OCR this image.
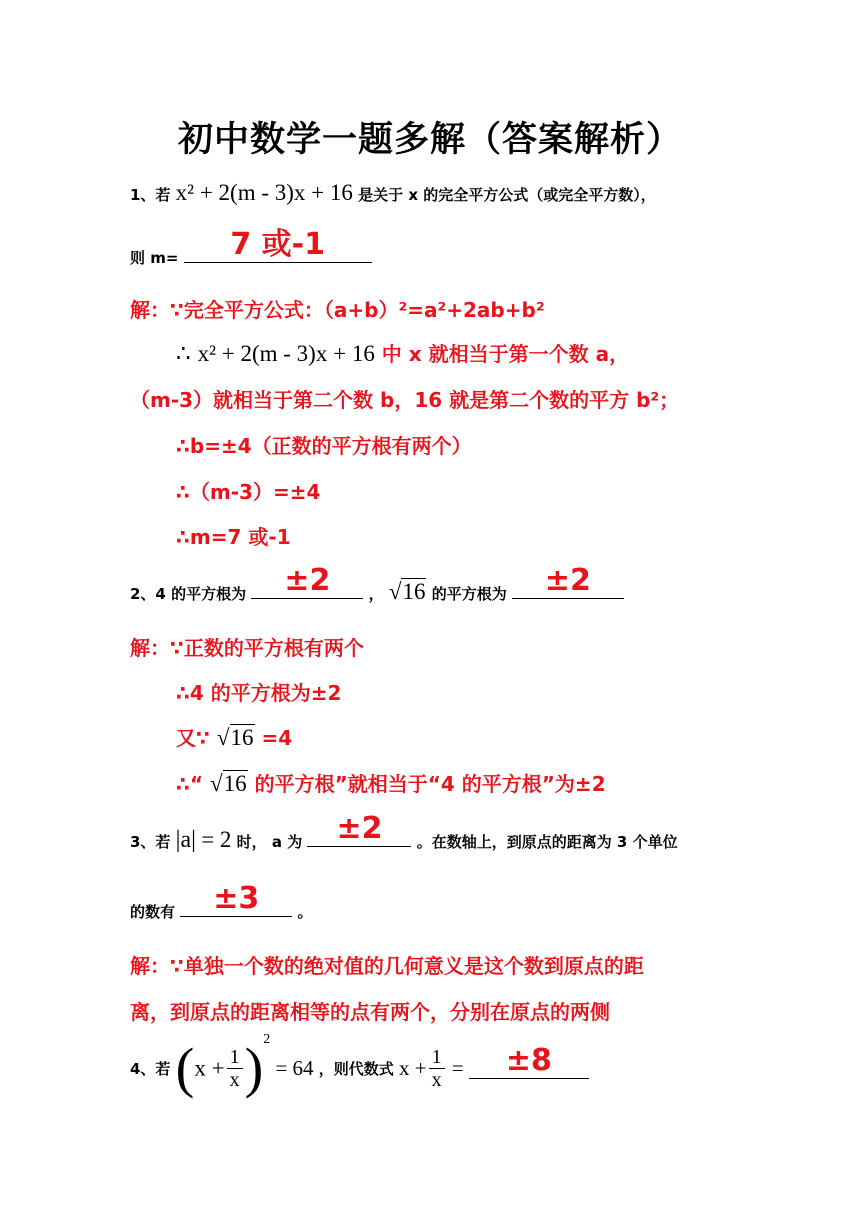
初中数学一题多解（答案解析）
1、若 x² + 2(m - 3)x + 16 是关于 x 的完全平方公式（或完全平方数），
则 m=	7 或-1
解：∵完全平方公式：（a+b）²=a²+2ab+b²
∴ x² + 2(m - 3)x + 16 中 x 就相当于第一个数 a，
（m-3）就相当于第二个数 b，16 就是第二个数的平方 b²；
∴b=±4（正数的平方根有两个）
∴（m-3）=±4
∴m=7 或-1
2、4 的平方根为	±2	， √16 的平方根为	±2
解：∵正数的平方根有两个
∴4 的平方根为±2
又∵ √16 =4
∴“ √16 的平方根”就相当于“4 的平方根”为±2
3、若 |a| = 2 时， a 为	±2	。在数轴上，到原点的距离为 3 个单位
的数有	±3	。
解：∵单独一个数的绝对值的几何意义是这个数到原点的距
离，到原点的距离相等的点有两个，分别在原点的两侧
4、若 $(x + \frac{1}{x} )^2 = 64$ ，则代数式 $x + \frac{1}{x}$ =	±8
